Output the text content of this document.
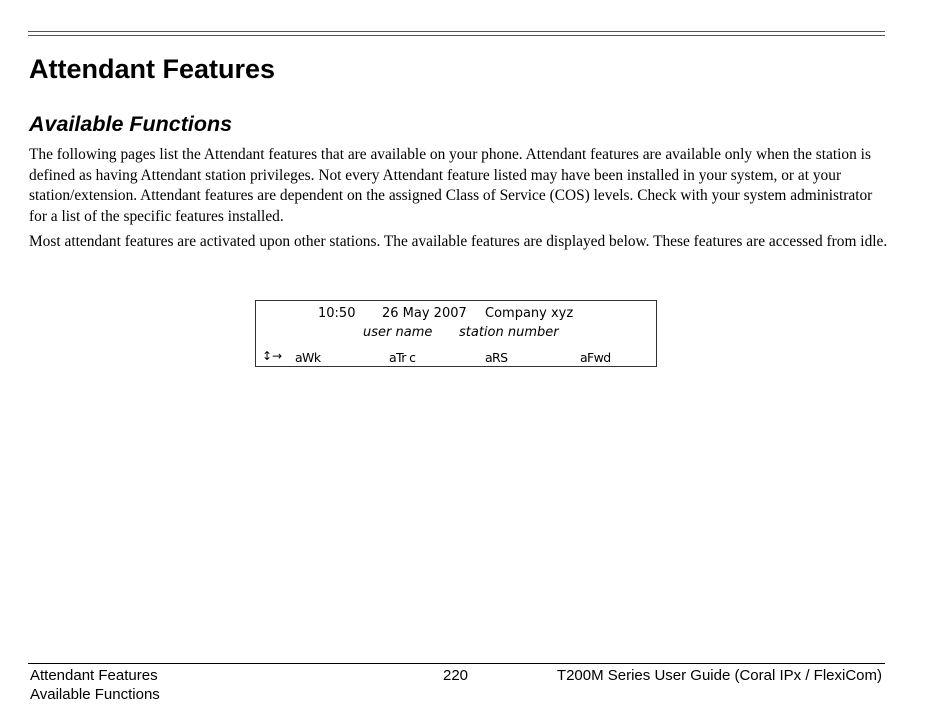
Attendant Features
Available Functions

The following pages list the Attendant features that are available on your phone. Attendant features are available only when the station is defined as having Attendant station privileges. Not every Attendant feature listed may have been installed in your system, or at your station/extension. Attendant features are dependent on the assigned Class of Service (COS) levels. Check with your system administrator for a list of the specific features installed.

Most attendant features are activated upon other stations. The available features are displayed below. These features are accessed from idle.

10:50 26 May 2007 Company xyz
user name station number
↕→ aWk	aTr c	aRS	aFwd
Attendant Features
Available Functions
220	T200M Series User Guide (Coral IPx / FlexiCom)
